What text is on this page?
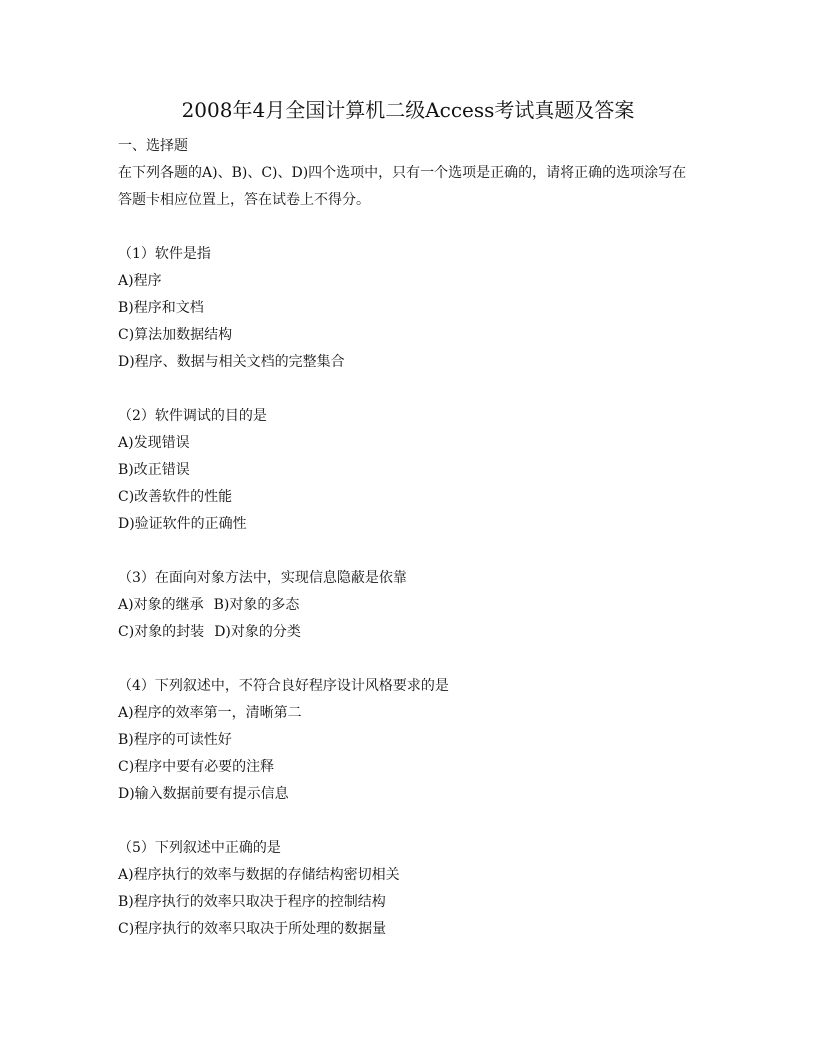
2008年4月全国计算机二级Access考试真题及答案
一、选择题
在下列各题的A)、B)、C)、D)四个选项中，只有一个选项是正确的，请将正确的选项涂写在答题卡相应位置上，答在试卷上不得分。
（1）软件是指
A)程序
B)程序和文档
C)算法加数据结构
D)程序、数据与相关文档的完整集合
（2）软件调试的目的是
A)发现错误
B)改正错误
C)改善软件的性能
D)验证软件的正确性
（3）在面向对象方法中，实现信息隐蔽是依靠
A)对象的继承 B)对象的多态
C)对象的封装 D)对象的分类
（4）下列叙述中，不符合良好程序设计风格要求的是
A)程序的效率第一，清晰第二
B)程序的可读性好
C)程序中要有必要的注释
D)输入数据前要有提示信息
（5）下列叙述中正确的是
A)程序执行的效率与数据的存储结构密切相关
B)程序执行的效率只取决于程序的控制结构
C)程序执行的效率只取决于所处理的数据量
